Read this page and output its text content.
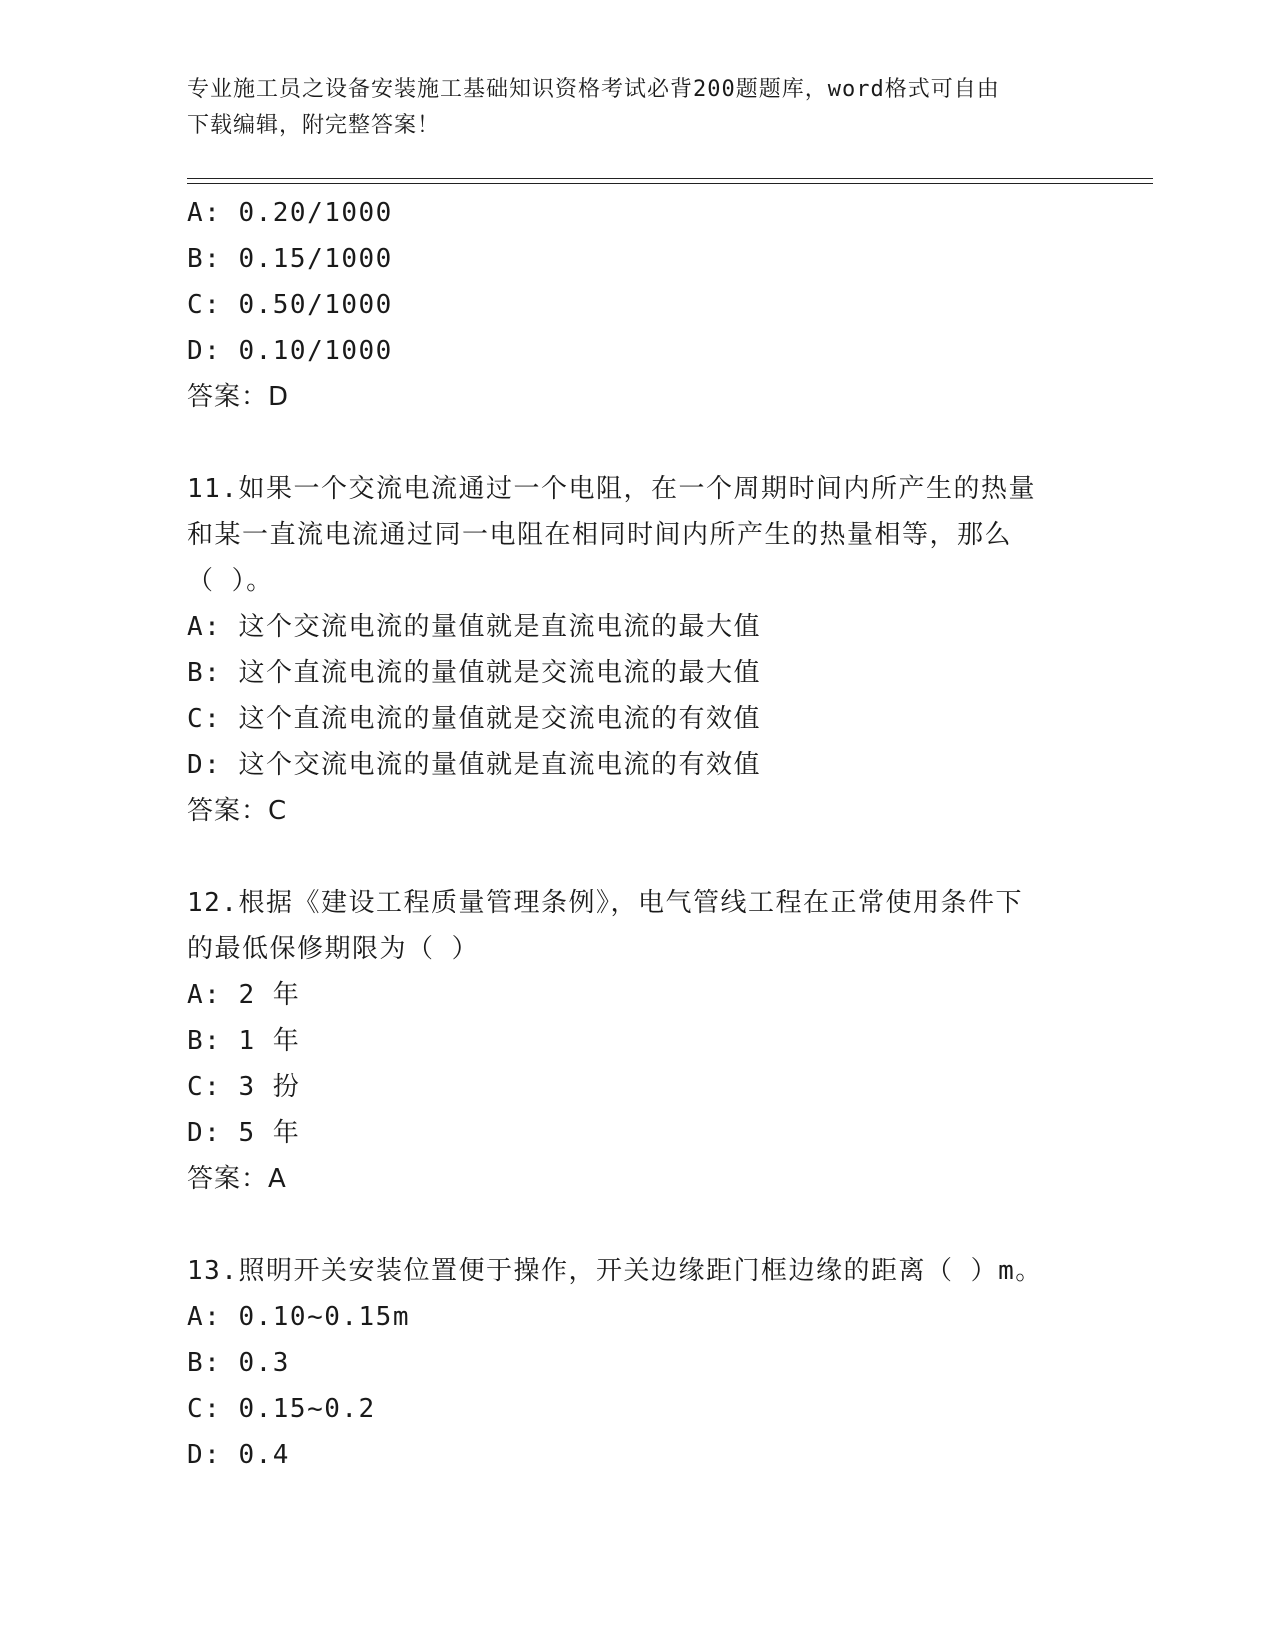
专业施工员之设备安装施工基础知识资格考试必背200题题库，word格式可自由
下载编辑，附完整答案！
A: 0.20/1000
B: 0.15/1000
C: 0.50/1000
D: 0.10/1000
答案：D
11.如果一个交流电流通过一个电阻，在一个周期时间内所产生的热量
和某一直流电流通过同一电阻在相同时间内所产生的热量相等，那么
（ ）。
A: 这个交流电流的量值就是直流电流的最大值
B: 这个直流电流的量值就是交流电流的最大值
C: 这个直流电流的量值就是交流电流的有效值
D: 这个交流电流的量值就是直流电流的有效值
答案：C
12.根据《建设工程质量管理条例》，电气管线工程在正常使用条件下
的最低保修期限为（ ）
A: 2 年
B: 1 年
C: 3 扮
D: 5 年
答案：A
13.照明开关安装位置便于操作，开关边缘距门框边缘的距离（ ）m。
A: 0.10~0.15m
B: 0.3
C: 0.15~0.2
D: 0.4
